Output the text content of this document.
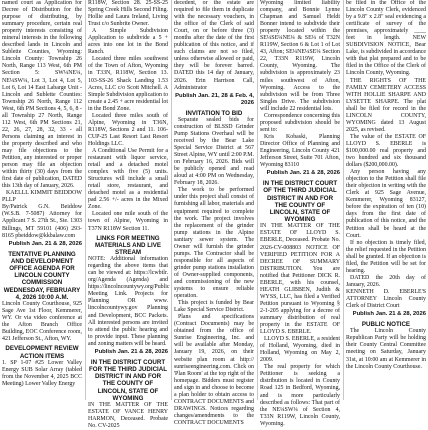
named court as Application for Decree of Distribution for the purpose of distributing, by summary procedure, certain real property interests consisting of mineral interests in the following described lands in Lincoln and Sublette Counties, Wyoming: Lincoln County: Township 26 North, Range 113 West, 6th PM Section 5: SW¼NE¼, NE¼SW¼, Lot 3, Lot 4, Lot 5, Lot 6, Lot 14 East Labarge Unit - Lincoln and Sublette Counties: Township 26 North, Range 112 West, 6th PM Sections 4, 5, 6, 8 - all Township 27 North, Range 112 West, 6th PM Sections 21, 22, 26, 27, 28, 32, 33 - all Persons claiming an interest in the property described and who may file objections to the Petition, any interested or proper person may file an objection within thirty (30) days from the first date of publication, DATED this 13th day of January, 2026.

KAELLL KIMMIT BEIDDOW PLLP

By/Patrick G.N. Beiddow (W.S.B. 7-5087) Attorney for Applicant 7 S. 27th St., Ste. 1303 Billings, MT 59101 (406) 293-8165 pbeiddow@kkbalaw.com

Publish Jan. 21 & 28, 2026

TENTATIVE PLANNING AND DEVELOPMENT OFFICE AGENDA FOR LINCOLN COUNTY COMMISSION WEDNESDAY, FEBRUARY 4, 2026 10:00 A.M.

Lincoln County Courthouse, 925 Sage Ave 1st Floor, Kemmerer, WY. Or via video conference at the Afton Branch Office Building, EOC Conference room, 421 Jefferson St., Afton, WY.

DEVELOPMENT REVIEW ACTION ITEMS

1. SP 1-07 #25 Lower Valley Energy SUB Solar Array (tabled from the November 4, 2025 BCC Meeting) Lower Valley Energy

R118W, Section 28. 25-SS-25 Spring Creek Hills Second Filing. Hollie and Laura Ireland, Living Trust c/o Sunbrite Owner.

A Simple Subdivision Application to subdivide a 5 + acres into one lot in the Bond Ranch.

Located three miles southwest of the Town of Afton, Wyoming in T33N, R118W, Section 13. 103-SS-26 Shack Landing 1.53 Acres, LLC c/o Scott Mitchell. A Simple Subdivision application to create a 2.45 + acre residential lot in the Bond Zone.

Located three miles south of Alpine, Wyoming in T36N, R118W, Sections 2 and 11. 106-CUP-25 Last Resort Last Resort Holdings LLC.

A Conditional Use Permit for a restaurant with liquor service, retail and a detached motel complex with five (5) units. Structures will include a small retail store, restaurant, and detached motel as a residential pad 2.56 +/- acres in the Mixed Zone.

Located one mile south of the town of Alpine, Wyoming in T37N R118W Section 11.

LINKS FOR MEETING MATERIALS AND LIVE STREAM

NOTE: Additional information regarding the above items that can be viewed at: https://lcwbtlr. org/Agenda (Agenda) and https://lincolncountywy.org/Public Meeting Link. Projects for Planning OR www. lincolncountywy.gov Planning and Development, BCC Packets. All interested persons are invited to attend the public hearing and to provide input. These planning and zoning matters will be heard.

Publish Jan. 21 & 28, 2026

IN THE DISTRICT COURT FOR THE THIRD JUDICIAL DISTRICT IN AND FOR THE COUNTY OF LINCOLN, STATE OF WYOMING

IN THE MATTER OF THE ESTATE OF VANCE HENRY HARMON, Deceased. Probate No. CV-2025

decedent, or the estate are required to file them in duplicate with the necessary vouchers, in the office of the Clerk of said Court, on or before three (3) months after the date of the first publication of this notice, and if such claims are not so filed, unless otherwise allowed or paid, they will be forever barred. DATED this 14 day of January, 2026. Erin Harrison Call, Administrator

Publish Jan. 21, 28 & Feb. 4, 2026

INVITATION TO BID

Separate sealed bids for construction of BLSSD Grinder Pump Stations Overhaul will be received by the Bear Lake Special Service District at 567 Street Alpine, WY until 2:00 P.M. on February 16, 2026. Bids will be publicly opened and read aloud at 4:00 PM on Wednesday, February 18, 2026.

The work to be performed under this project shall consist of furnishing all labor, materials and equipment required to complete the work. The project involves the replacement of the grinder pump stations in the Alpine sanitary sewer system. The Owner will furnish the grinder pumps. The Contractor shall be responsible for all aspects of grinder pump stations installation of Owner-supplied components, and commissioning of the new systems to ensure reliable operation.

This project is funded by Bear Lake Special Service District.

Plans and specifications (Contract Documents) may be obtained from the office of Sunrise Engineering, Inc. and will be available after Monday, January 19, 2026, on their website plan room at http:// sunriseengineering.com. Click on 'Plan Room' at the top right of the homepage. Bidders must register and sign in and choose to become a plan holder to obtain access to CONTRACT DOCUMENTS and DRAWINGS. Notices regarding changes/amendments to the CONTRACT DOCUMENTS

Wyoming limited liability company, and Bonnie Lynne Chapman and Samuel Heldt Bonner intend to subdivide their property located within the SE¼SE¼NE¼ & SE¼ of T32N R119W, Section 6 & Lot 1 of Lot 43, Afton; SE¼NE¼SE¼ Section 22, T33N R119W, Lincoln County, Wyoming. The subdivision is approximately 23 miles southwest of Afton, Wyoming. Access to the subdivision will be from Three Singles Drive. The subdivision will include 22 residential lots.

Correspondence concerning this proposed subdivision should be sent to:

Kris Kobaski, Planning Director Office of Planning and Engineering, Lincoln County 421 Jefferson Street, Suite 701 Afton, Wyoming 83110

Publish Jan. 21 & 28, 2026

IN THE DISTRICT COURT OF THE THIRD JUDICIAL DISTRICT IN AND FOR THE COUNTY OF LINCOLN, STATE OF WYOMING

IN THE MATTER OF THE ESTATE OF LLOYD S. EBERLE, Deceased. Probate No. 2026-CV-008803 NOTICE OF VERIFIED PETITION FOR A DECREE OF SUMMARY DISTRIBUTION. You are notified that Petitioner DICK R. EBERLE, with his counsel, HEATH GLIBBEN, Judith & WYSS, LLC, has filed a Verified Petition pursuant to Wyoming § 2-1-205 applying for a decree of summary distribution of real property in the ESTATE OF LLOYD S. EBERLE.

LLOYD S. EBERLE, a resident of Holland, Wyoming, died in Holland, Wyoming on May 2, 2009.

The real property for which Petitioner is seeking a distribution is located in County Road 125 in Bedford, Wyoming, and is more particularly described as follows: That part of the NE¼SW¼ of Section 4, T33N R119W, Lincoln County, Wyoming.

be filed in the Office of the Lincoln County Clerk, evidenced by a 9.8" x 2.8" seal evidencing a certificate of survey of the premises, approximately ____ feet in length. NEW SUBDIVISION NOTICE, Bear Lake, is subdivided in accordance with that plat prepared and to be filed in the Office of the Clerk of Lincoln County, Wyoming.

THE RIGHTS OF THE FAMILY CEMETERY ACCESS WITH HOLLIE SHARPE AND LYSETTE SHARPE. The plat shall be filed for record in the LINCOLN COUNTY, WYOMING dated 13 August 2025, as revised.

The value of the ESTATE OF LLOYD S. EBERLE is $100,000.00 real property and two hundred and six thousand dollars ($200,000.00).

Any person having any objection to the Petition shall file their objection in writing with the Clerk at 925 Sage Avenue, Kemmerer, Wyoming 83127, before the expiration of ten (10) days from the first date of publication of this notice, and the Petition shall be heard at the Court.

If no objection is timely filed, the relief requested in the Petition shall be granted. If an objection is filed, the Petition will be set for hearing.

DATED the 20th day of January, 2026.

KENNETH D. EBERLE'S ATTORNEY Lincoln County Clerk of District Court

Publish Jan. 21 & 28, 2026

PUBLIC NOTICE

The Lincoln County Republican Party will be holding their County Central Committee meeting on Saturday, January 31st, at 10:00 am at Kemmerer in the Lincoln County Courthouse.
